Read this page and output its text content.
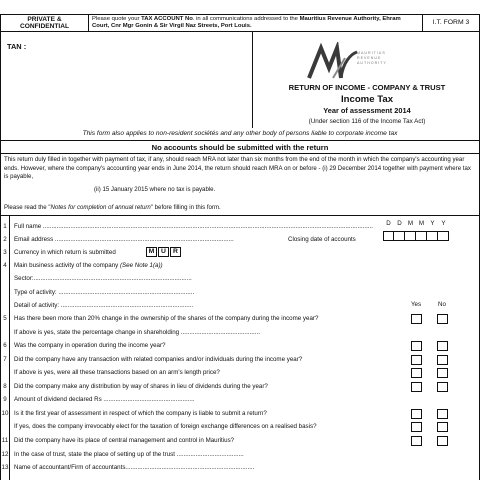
PRIVATE &
CONFIDENTIAL
Please quote your TAX ACCOUNT No. in all communications addressed to the Mauritius Revenue Authority, Ehram Court, Cnr Mgr Gonin & Sir Virgil Naz Streets, Port Louis.
I.T. FORM 3
TAN :
MAURITIUS
REVENUE
AUTHORITY
RETURN OF INCOME - COMPANY & TRUST
Income Tax
Year of assessment 2014
(Under section 116 of the Income Tax Act)
This form also applies to non-resident sociétés and any other body of persons liable to corporate income tax
No accounts should be submitted with the return
This return duly filled in together with payment of tax, if any, should reach MRA not later than six months from the end of the month in which the company's accounting year ends. However, where the company's accounting year ends in June 2014, the return should reach MRA on or before - (i) 29 December 2014 together with payment where tax is payable,
(ii) 15 January 2015 where no tax is payable.
Please read the "Notes for completion of annual return" before filling in this form.
D	D M M	Y	Y
1	Full name ................................................................................................................................................................................................
2	Email address ........................................................................................................	Closing date of accounts
3	Currency in which return is submitted	M U	R
4	Main business activity of the company (See Note 1(a))
Sector:............................................................................................
Type of activity: ...............................................................................
Detail of activity: .............................................................................	Yes	No
5	Has there been more than 20% change in the ownership of the shares of the company during the income year?
If above is yes, state the percentage change in shareholding ..............................................
6	Was the company in operation during the income year?
7	Did the company have any transaction with related companies and/or individuals during the income year?
If above is yes, were all these transactions based on an arm's length price?
8	Did the company make any distribution by way of shares in lieu of dividends during the year?
9	Amount of dividend declared Rs .....................................................
10 Is it the first year of assessment in respect of which the company is liable to submit a return?
If yes, does the company irrevocably elect for the taxation of foreign exchange differences on a realised basis?
11 Did the company have its place of central management and control in Mauritius?
12 In the case of trust, state the place of setting up of the trust .......................................
13 Name of accountant/Firm of accountants...........................................................................
